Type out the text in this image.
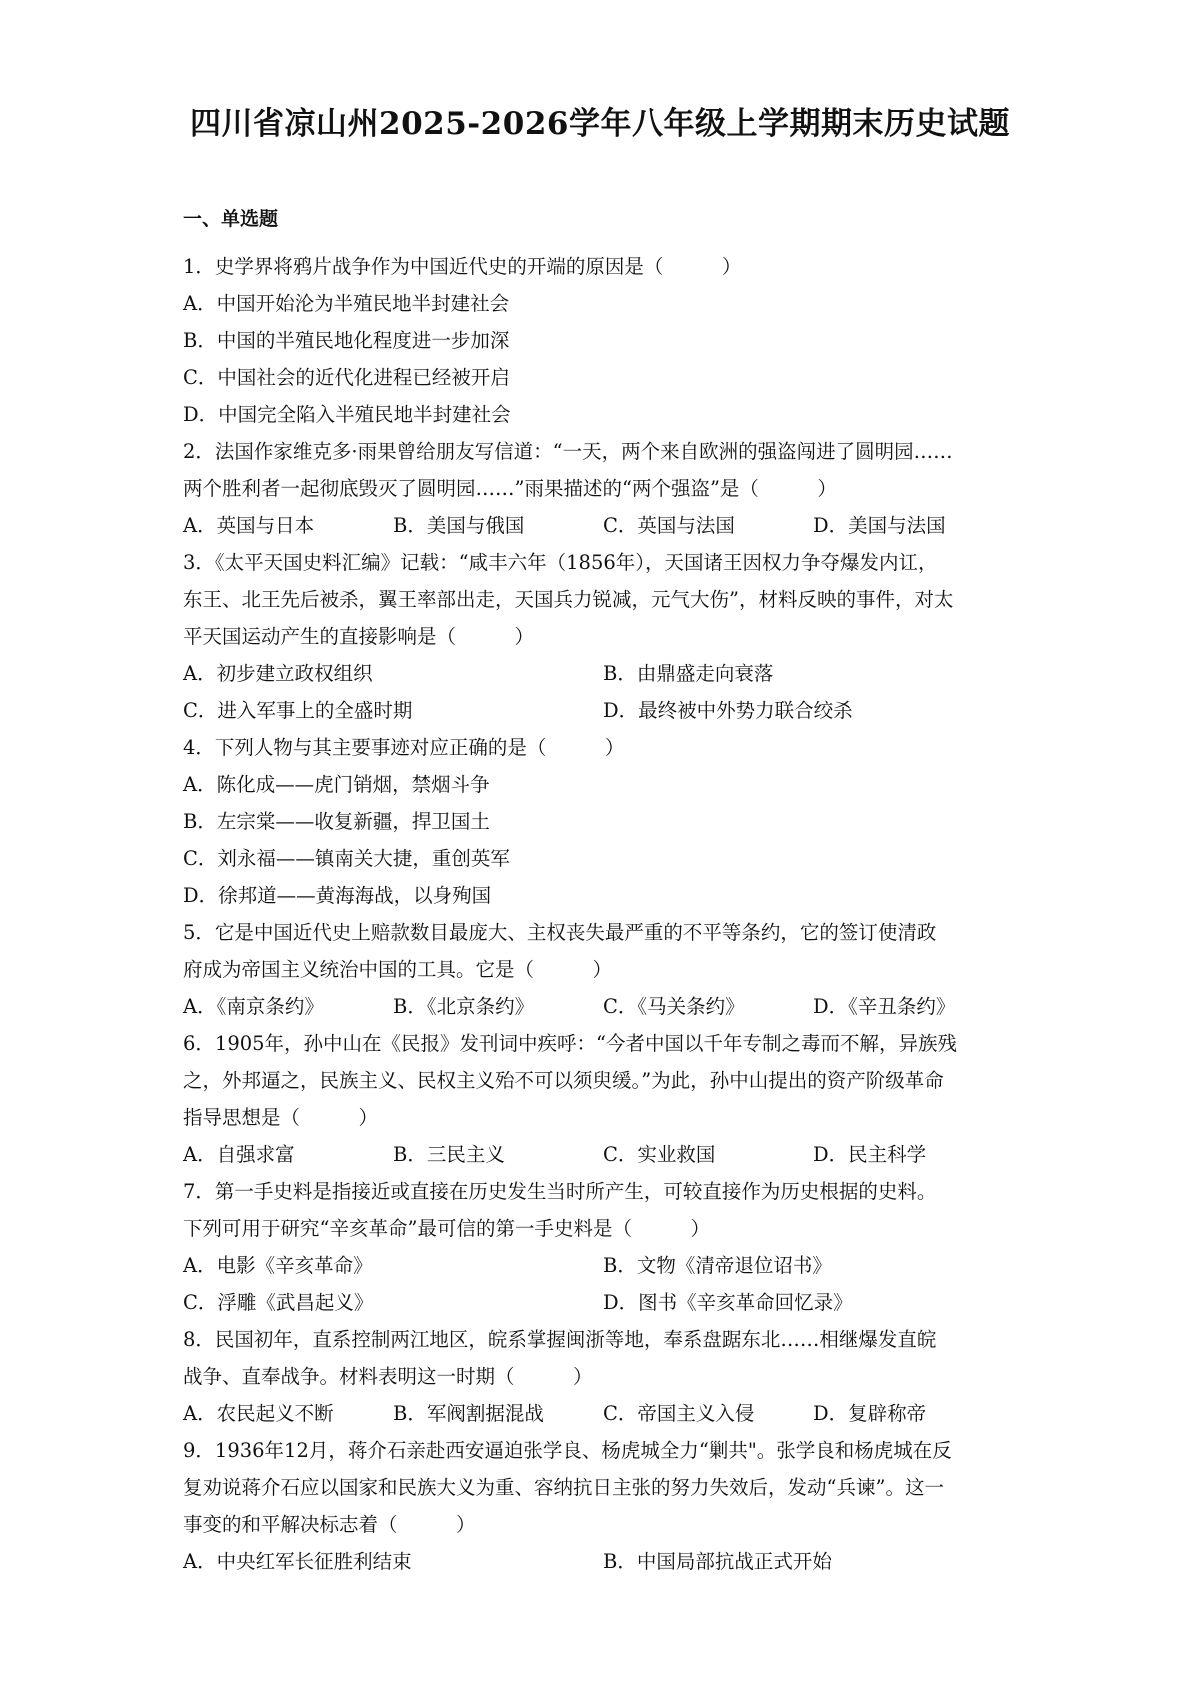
四川省凉山州2025-2026学年八年级上学期期末历史试题
一、单选题
1．史学界将鸦片战争作为中国近代史的开端的原因是（　　　）
A．中国开始沦为半殖民地半封建社会
B．中国的半殖民地化程度进一步加深
C．中国社会的近代化进程已经被开启
D．中国完全陷入半殖民地半封建社会
2．法国作家维克多·雨果曾给朋友写信道：“一天，两个来自欧洲的强盗闯进了圆明园……
两个胜利者一起彻底毁灭了圆明园……”雨果描述的“两个强盗”是（　　　）
A．英国与日本	B．美国与俄国	C．英国与法国	D．美国与法国
3．《太平天国史料汇编》记载：“咸丰六年（1856年），天国诸王因权力争夺爆发内讧，
东王、北王先后被杀，翼王率部出走，天国兵力锐减，元气大伤”，材料反映的事件，对太
平天国运动产生的直接影响是（　　　）
A．初步建立政权组织	B．由鼎盛走向衰落
C．进入军事上的全盛时期	D．最终被中外势力联合绞杀
4．下列人物与其主要事迹对应正确的是（　　　）
A．陈化成——虎门销烟，禁烟斗争
B．左宗棠——收复新疆，捍卫国土
C．刘永福——镇南关大捷，重创英军
D．徐邦道——黄海海战，以身殉国
5．它是中国近代史上赔款数目最庞大、主权丧失最严重的不平等条约，它的签订使清政
府成为帝国主义统治中国的工具。它是（　　　）
A．《南京条约》	B．《北京条约》	C．《马关条约》	D．《辛丑条约》
6．1905年，孙中山在《民报》发刊词中疾呼：“今者中国以千年专制之毒而不解，异族残
之，外邦逼之，民族主义、民权主义殆不可以须臾缓。”为此，孙中山提出的资产阶级革命
指导思想是（　　　）
A．自强求富	B．三民主义	C．实业救国	D．民主科学
7．第一手史料是指接近或直接在历史发生当时所产生，可较直接作为历史根据的史料。
下列可用于研究“辛亥革命”最可信的第一手史料是（　　　）
A．电影《辛亥革命》	B．文物《清帝退位诏书》
C．浮雕《武昌起义》	D．图书《辛亥革命回忆录》
8．民国初年，直系控制两江地区，皖系掌握闽浙等地，奉系盘踞东北……相继爆发直皖
战争、直奉战争。材料表明这一时期（　　　）
A．农民起义不断	B．军阀割据混战	C．帝国主义入侵	D．复辟称帝
9．1936年12月，蒋介石亲赴西安逼迫张学良、杨虎城全力“剿共"。张学良和杨虎城在反
复劝说蒋介石应以国家和民族大义为重、容纳抗日主张的努力失效后，发动“兵谏”。这一
事变的和平解决标志着（　　　）
A．中央红军长征胜利结束	B．中国局部抗战正式开始
